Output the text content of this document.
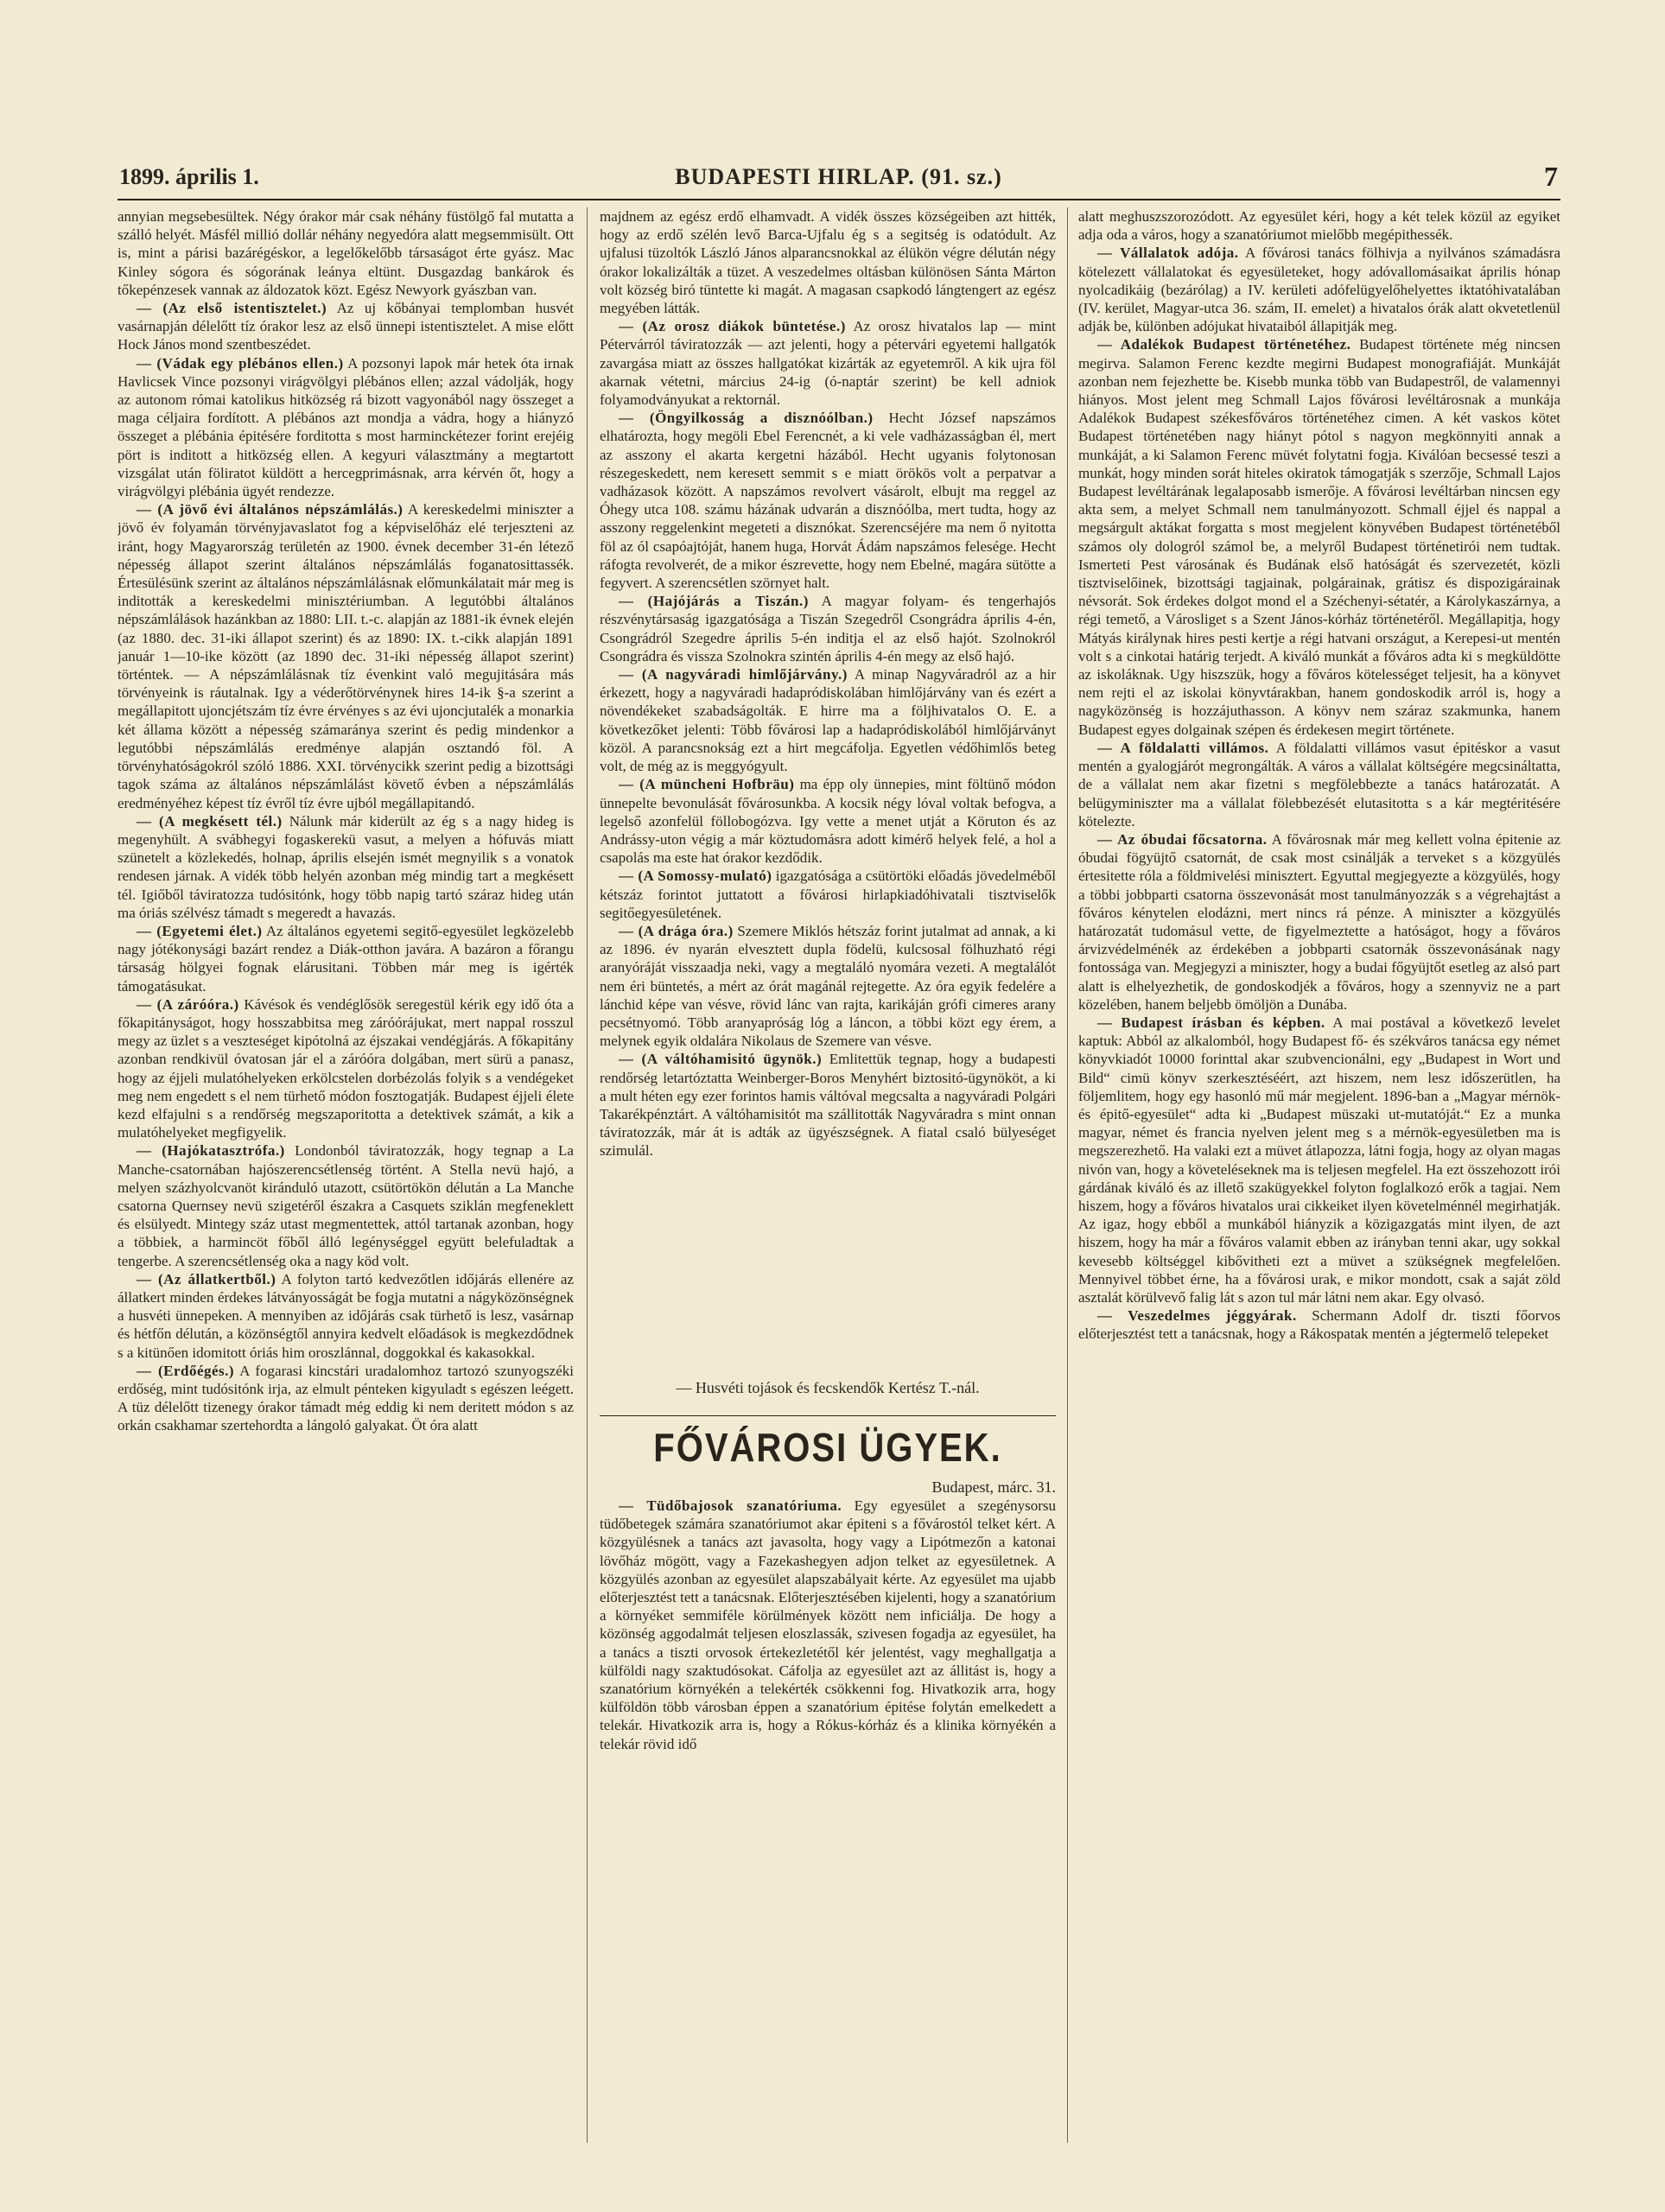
1899. április 1.	BUDAPESTI HIRLAP. (91. sz.)	7

annyian megsebesültek. Négy órakor már csak néhány füstölgő fal mutatta a szálló helyét. Másfél millió dollár néhány negyedóra alatt megsemmisült. Ott is, mint a párisi bazárégéskor, a legelőkelőbb társaságot érte gyász. Mac Kinley sógora és sógorának leánya eltünt. Dusgazdag bankárok és tőkepénzesek vannak az áldozatok közt. Egész Newyork gyászban van.

— (Az első istentisztelet.) Az uj kőbányai templomban husvét vasárnapján délelőtt tíz órakor lesz az első ünnepi istentisztelet. A mise előtt Hock János mond szentbeszédet.

— (Vádak egy plébános ellen.) A pozsonyi lapok már hetek óta irnak Havlicsek Vince pozsonyi virágvölgyi plébános ellen; azzal vádolják, hogy az autonom római katolikus hitközség rá bizott vagyonából nagy összeget a maga céljaira fordított. A plébános azt mondja a vádra, hogy a hiányzó összeget a plébánia épitésére forditotta s most harminckétezer forint erejéig pört is inditott a hitközség ellen. A kegyuri választmány a megtartott vizsgálat után föliratot küldött a hercegprimásnak, arra kérvén őt, hogy a virágvölgyi plébánia ügyét rendezze.

— (A jövő évi általános népszámlálás.) A kereskedelmi miniszter a jövő év folyamán törvényjavaslatot fog a képviselőház elé terjeszteni az iránt, hogy Magyarország területén az 1900. évnek december 31-én létező népesség állapot szerint általános népszámlálás foganatosittassék. Értesülésünk szerint az általános népszámlálásnak előmunkálatait már meg is inditották a kereskedelmi minisztériumban. A legutóbbi általános népszámlálások hazánkban az 1880: LII. t.-c. alapján az 1881-ik évnek elején (az 1880. dec. 31-iki állapot szerint) és az 1890: IX. t.-cikk alapján 1891 január 1—10-ike között (az 1890 dec. 31-iki népesség állapot szerint) történtek. — A népszámlálásnak tíz évenkint való megujitására más törvényeink is ráutalnak. Igy a véderőtörvénynek hires 14-ik §-a szerint a megállapitott ujoncjétszám tíz évre érvényes s az évi ujoncjutalék a monarkia két állama között a népesség számaránya szerint és pedig mindenkor a legutóbbi népszámlálás eredménye alapján osztandó föl. A törvényhatóságokról szóló 1886. XXI. törvénycikk szerint pedig a bizottsági tagok száma az általános népszámlálást követő évben a népszámlálás eredményéhez képest tíz évről tíz évre ujból megállapitandó.

— (A megkésett tél.) Nálunk már kiderült az ég s a nagy hideg is megenyhült. A svábhegyi fogaskerekü vasut, a melyen a hófuvás miatt szünetelt a közlekedés, holnap, április elsején ismét megnyilik s a vonatok rendesen járnak. A vidék több helyén azonban még mindig tart a megkésett tél. Igiőből táviratozza tudósitónk, hogy több napig tartó száraz hideg után ma óriás szélvész támadt s megeredt a havazás.

— (Egyetemi élet.) Az általános egyetemi segitő-egyesület legközelebb nagy jótékonysági bazárt rendez a Diák-otthon javára. A bazáron a főrangu társaság hölgyei fognak elárusitani. Többen már meg is igérték támogatásukat.

— (A záróóra.) Kávésok és vendéglősök seregestül kérik egy idő óta a főkapitányságot, hogy hosszabbitsa meg záróórájukat, mert nappal rosszul megy az üzlet s a veszteséget kipótolná az éjszakai vendégjárás. A főkapitány azonban rendkivül óvatosan jár el a záróóra dolgában, mert sürü a panasz, hogy az éjjeli mulatóhelyeken erkölcstelen dorbézolás folyik s a vendégeket meg nem engedett s el nem türhető módon fosztogatják. Budapest éjjeli élete kezd elfajulni s a rendőrség megszaporitotta a detektivek számát, a kik a mulatóhelyeket megfigyelik.

— (Hajókatasztrófa.) Londonból táviratozzák, hogy tegnap a La Manche-csatornában hajószerencsétlenség történt. A Stella nevü hajó, a melyen százhyolcvanöt kiránduló utazott, csütörtökön délután a La Manche csatorna Quernsey nevü szigetéről északra a Casquets sziklán megfeneklett és elsülyedt. Mintegy száz utast megmentettek, attól tartanak azonban, hogy a többiek, a harmincöt főből álló legénységgel együtt belefuladtak a tengerbe. A szerencsétlenség oka a nagy köd volt.

— (Az állatkertből.) A folyton tartó kedvezőtlen időjárás ellenére az állatkert minden érdekes látványosságát be fogja mutatni a nágyközönségnek a husvéti ünnepeken. A mennyiben az időjárás csak türhető is lesz, vasárnap és hétfőn délután, a közönségtől annyira kedvelt előadások is megkezdődnek s a kitünően idomitott óriás him oroszlánnal, doggokkal és kakasokkal.

— (Erdőégés.) A fogarasi kincstári uradalomhoz tartozó szunyogszéki erdőség, mint tudósitónk irja, az elmult pénteken kigyuladt s egészen leégett. A tüz délelőtt tizenegy órakor támadt még eddig ki nem deritett módon s az orkán csakhamar szertehordta a lángoló galyakat. Öt óra alatt

majdnem az egész erdő elhamvadt. A vidék összes községeiben azt hitték, hogy az erdő szélén levő Barca-Ujfalu ég s a segitség is odatódult. Az ujfalusi tüzoltók László János alparancsnokkal az élükön végre délután négy órakor lokalizálták a tüzet. A veszedelmes oltásban különösen Sánta Márton volt község biró tüntette ki magát. A magasan csapkodó lángtengert az egész megyében látták.

— (Az orosz diákok büntetése.) Az orosz hivatalos lap — mint Pétervárról táviratozzák — azt jelenti, hogy a pétervári egyetemi hallgatók zavargása miatt az összes hallgatókat kizárták az egyetemről. A kik ujra föl akarnak vétetni, március 24-ig (ó-naptár szerint) be kell adniok folyamodványukat a rektornál.

— (Öngyilkosság a disznóólban.) Hecht József napszámos elhatározta, hogy megöli Ebel Ferencnét, a ki vele vadházasságban él, mert az asszony el akarta kergetni házából. Hecht ugyanis folytonosan részegeskedett, nem keresett semmit s e miatt örökös volt a perpatvar a vadházasok között. A napszámos revolvert vásárolt, elbujt ma reggel az Óhegy utca 108. számu házának udvarán a disznóólba, mert tudta, hogy az asszony reggelenkint megeteti a disznókat. Szerencséjére ma nem ő nyitotta föl az ól csapóajtóját, hanem huga, Horvát Ádám napszámos felesége. Hecht ráfogta revolverét, de a mikor észrevette, hogy nem Ebelné, magára sütötte a fegyvert. A szerencsétlen szörnyet halt.

— (Hajójárás a Tiszán.) A magyar folyam- és tengerhajós részvénytársaság igazgatósága a Tiszán Szegedről Csongrádra április 4-én, Csongrádról Szegedre április 5-én inditja el az első hajót. Szolnokról Csongrádra és vissza Szolnokra szintén április 4-én megy az első hajó.

— (A nagyváradi himlőjárvány.) A minap Nagyváradról az a hir érkezett, hogy a nagyváradi hadapródiskolában himlőjárvány van és ezért a növendékeket szabadságolták. E hirre ma a följhivatalos O. E. a következőket jelenti: Több fővárosi lap a hadapródiskolából himlőjárványt közöl. A parancsnokság ezt a hirt megcáfolja. Egyetlen védőhimlős beteg volt, de még az is meggyógyult.

— (A müncheni Hofbräu) ma épp oly ünnepies, mint föltünő módon ünnepelte bevonulását fővárosunkba. A kocsik négy lóval voltak befogva, a legelső azonfelül föllobogózva. Igy vette a menet utját a Köruton és az Andrássy-uton végig a már köztudomásra adott kimérő helyek felé, a hol a csapolás ma este hat órakor kezdődik.

— (A Somossy-mulató) igazgatósága a csütörtöki előadás jövedelméből kétszáz forintot juttatott a fővárosi hirlapkiadóhivatali tisztviselők segitőegyesületének.

— (A drága óra.) Szemere Miklós hétszáz forint jutalmat ad annak, a ki az 1896. év nyarán elvesztett dupla födelü, kulcsosal fölhuzható régi aranyóráját visszaadja neki, vagy a megtaláló nyomára vezeti. A megtalálót nem éri büntetés, a mért az órát magánál rejtegette. Az óra egyik fedelére a lánchid képe van vésve, rövid lánc van rajta, karikáján grófi cimeres arany pecsétnyomó. Több aranyapróság lóg a láncon, a többi közt egy érem, a melynek egyik oldalára Nikolaus de Szemere van vésve.

— (A váltóhamisitó ügynök.) Emlitettük tegnap, hogy a budapesti rendőrség letartóztatta Weinberger-Boros Menyhért biztositó-ügynököt, a ki a mult héten egy ezer forintos hamis váltóval megcsalta a nagyváradi Polgári Takarékpénztárt. A váltóhamisitót ma szállitották Nagyváradra s mint onnan táviratozzák, már át is adták az ügyészségnek. A fiatal csaló bülyeséget szimulál.

— Husvéti tojások és fecskendők Kertész T.-nál.
FŐVÁROSI ÜGYEK.
Budapest, márc. 31.

— Tüdőbajosok szanatóriuma. Egy egyesület a szegénysorsu tüdőbetegek számára szanatóriumot akar épiteni s a fővárostól telket kért. A közgyülésnek a tanács azt javasolta, hogy vagy a Lipótmezőn a katonai lövőház mögött, vagy a Fazekashegyen adjon telket az egyesületnek. A közgyülés azonban az egyesület alapszabályait kérte. Az egyesület ma ujabb előterjesztést tett a tanácsnak. Előterjesztésében kijelenti, hogy a szanatórium a környéket semmiféle körülmények között nem inficiálja. De hogy a közönség aggodalmát teljesen eloszlassák, szivesen fogadja az egyesület, ha a tanács a tiszti orvosok értekezletétől kér jelentést, vagy meghallgatja a külföldi nagy szaktudósokat. Cáfolja az egyesület azt az állitást is, hogy a szanatórium környékén a telekérték csökkenni fog. Hivatkozik arra, hogy külföldön több városban éppen a szanatórium épitése folytán emelkedett a telekár. Hivatkozik arra is, hogy a Rókus-kórház és a klinika környékén a telekár rövid idő

alatt meghuszszorozódott. Az egyesület kéri, hogy a két telek közül az egyiket adja oda a város, hogy a szanatóriumot mielőbb megépithessék.

— Vállalatok adója. A fővárosi tanács fölhivja a nyilvános számadásra kötelezett vállalatokat és egyesületeket, hogy adóvallomásaikat április hónap nyolcadikáig (bezárólag) a IV. kerületi adófelügyelőhelyettes iktatóhivatalában (IV. kerület, Magyar-utca 36. szám, II. emelet) a hivatalos órák alatt okvetetlenül adják be, különben adójukat hivataiból állapitják meg.

— Adalékok Budapest történetéhez. Budapest története még nincsen megirva. Salamon Ferenc kezdte megirni Budapest monografiáját. Munkáját azonban nem fejezhette be. Kisebb munka több van Budapestről, de valamennyi hiányos. Most jelent meg Schmall Lajos fővárosi levéltárosnak a munkája Adalékok Budapest székesfőváros történetéhez cimen. A két vaskos kötet Budapest történetében nagy hiányt pótol s nagyon megkönnyiti annak a munkáját, a ki Salamon Ferenc müvét folytatni fogja. Kiválóan becsessé teszi a munkát, hogy minden sorát hiteles okiratok támogatják s szerzője, Schmall Lajos Budapest levéltárának legalaposabb ismerője. A fővárosi levéltárban nincsen egy akta sem, a melyet Schmall nem tanulmányozott. Schmall éjjel és nappal a megsárgult aktákat forgatta s most megjelent könyvében Budapest történetéből számos oly dologról számol be, a melyről Budapest történetirói nem tudtak. Ismerteti Pest városának és Budának első hatóságát és szervezetét, közli tisztviselőinek, bizottsági tagjainak, polgárainak, grátisz és dispozigárainak névsorát. Sok érdekes dolgot mond el a Széchenyi-sétatér, a Károlykaszárnya, a régi temető, a Városliget s a Szent János-kórház történetéről. Megállapitja, hogy Mátyás királynak hires pesti kertje a régi hatvani országut, a Kerepesi-ut mentén volt s a cinkotai határig terjedt. A kiváló munkát a főváros adta ki s megküldötte az iskoláknak. Ugy hiszszük, hogy a főváros kötelességet teljesit, ha a könyvet nem rejti el az iskolai könyvtárakban, hanem gondoskodik arról is, hogy a nagyközönség is hozzájuthasson. A könyv nem száraz szakmunka, hanem Budapest egyes dolgainak szépen és érdekesen megirt története.

— A földalatti villámos. A földalatti villámos vasut épitéskor a vasut mentén a gyalogjárót megrongálták. A város a vállalat költségére megcsináltatta, de a vállalat nem akar fizetni s megfölebbezte a tanács határozatát. A belügyminiszter ma a vállalat fölebbezését elutasitotta s a kár megtéritésére kötelezte.

— Az óbudai főcsatorna. A fővárosnak már meg kellett volna épitenie az óbudai fögyüjtő csatornát, de csak most csinálják a terveket s a közgyülés értesitette róla a földmivelési minisztert. Egyuttal megjegyezte a közgyülés, hogy a többi jobbparti csatorna összevonását most tanulmányozzák s a végrehajtást a főváros kénytelen elodázni, mert nincs rá pénze. A miniszter a közgyülés határozatát tudomásul vette, de figyelmeztette a hatóságot, hogy a főváros árvizvédelménék az érdekében a jobbparti csatornák összevonásának nagy fontossága van. Megjegyzi a miniszter, hogy a budai főgyüjtőt esetleg az alsó part alatt is elhelyezhetik, de gondoskodjék a főváros, hogy a szennyviz ne a part közelében, hanem beljebb ömöljön a Dunába.

— Budapest írásban és képben. A mai postával a következő levelet kaptuk: Abból az alkalomból, hogy Budapest fő- és székváros tanácsa egy német könyvkiadót 10000 forinttal akar szubvencionálni, egy „Budapest in Wort und Bild“ cimü könyv szerkesztéséért, azt hiszem, nem lesz időszerütlen, ha följemlitem, hogy egy hasonló mű már megjelent. 1896-ban a „Magyar mérnök- és épitő-egyesület“ adta ki „Budapest müszaki ut-mutatóját.“ Ez a munka magyar, német és francia nyelven jelent meg s a mérnök-egyesületben ma is megszerezhető. Ha valaki ezt a müvet átlapozza, látni fogja, hogy az olyan magas nivón van, hogy a követeléseknek ma is teljesen megfelel. Ha ezt összehozott irói gárdának kiváló és az illető szakügyekkel folyton foglalkozó erők a tagjai. Nem hiszem, hogy a főváros hivatalos urai cikkeiket ilyen követelménnél megirhatják. Az igaz, hogy ebből a munkából hiányzik a közigazgatás mint ilyen, de azt hiszem, hogy ha már a főváros valamit ebben az irányban tenni akar, ugy sokkal kevesebb költséggel kibővitheti ezt a müvet a szükségnek megfelelően. Mennyivel többet érne, ha a fővárosi urak, e mikor mondott, csak a saját zöld asztalát körülvevő falig lát s azon tul már látni nem akar. Egy olvasó.

— Veszedelmes jéggyárak. Schermann Adolf dr. tiszti főorvos előterjesztést tett a tanácsnak, hogy a Rákospatak mentén a jégtermelő telepeket
